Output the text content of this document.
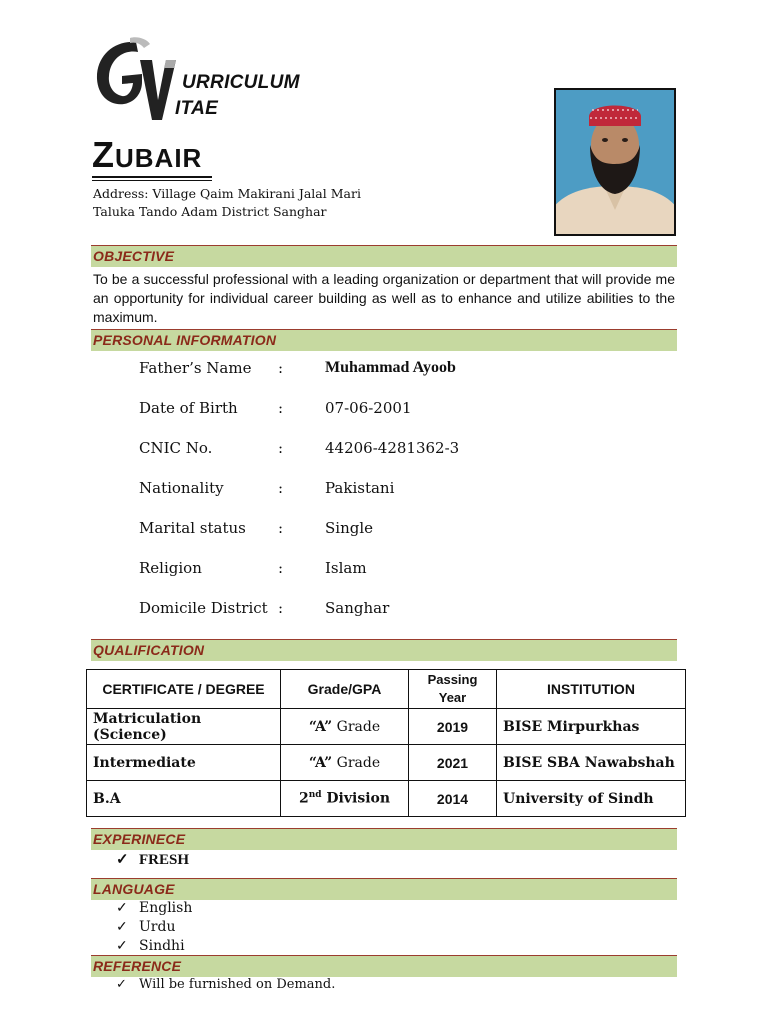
URRICULUM
ITAE
ZUBAIR
Address: Village Qaim Makirani Jalal Mari
Taluka Tando Adam District Sanghar
OBJECTIVE
To be a successful professional with a leading organization or department that will provide me an opportunity for individual career building as well as to enhance and utilize abilities to the maximum.
PERSONAL INFORMATION
Father’s Name :	Muhammad Ayoob
Date of Birth	:	07-06-2001
CNIC No.	:	44206-4281362-3
Nationality	:	Pakistani
Marital status :	Single
Religion	:	Islam
Domicile District :	Sanghar
QUALIFICATION
CERTIFICATE / DEGREE	Grade/GPA	Passing Year	INSTITUTION
Matriculation (Science)	“A” Grade	2019	BISE Mirpurkhas
Intermediate	“A” Grade	2021	BISE SBA Nawabshah
B.A	2nd Division	2014	University of Sindh
EXPERINECE
✓ FRESH
LANGUAGE
✓ English
✓ Urdu
✓ Sindhi
REFERENCE
✓ Will be furnished on Demand.
